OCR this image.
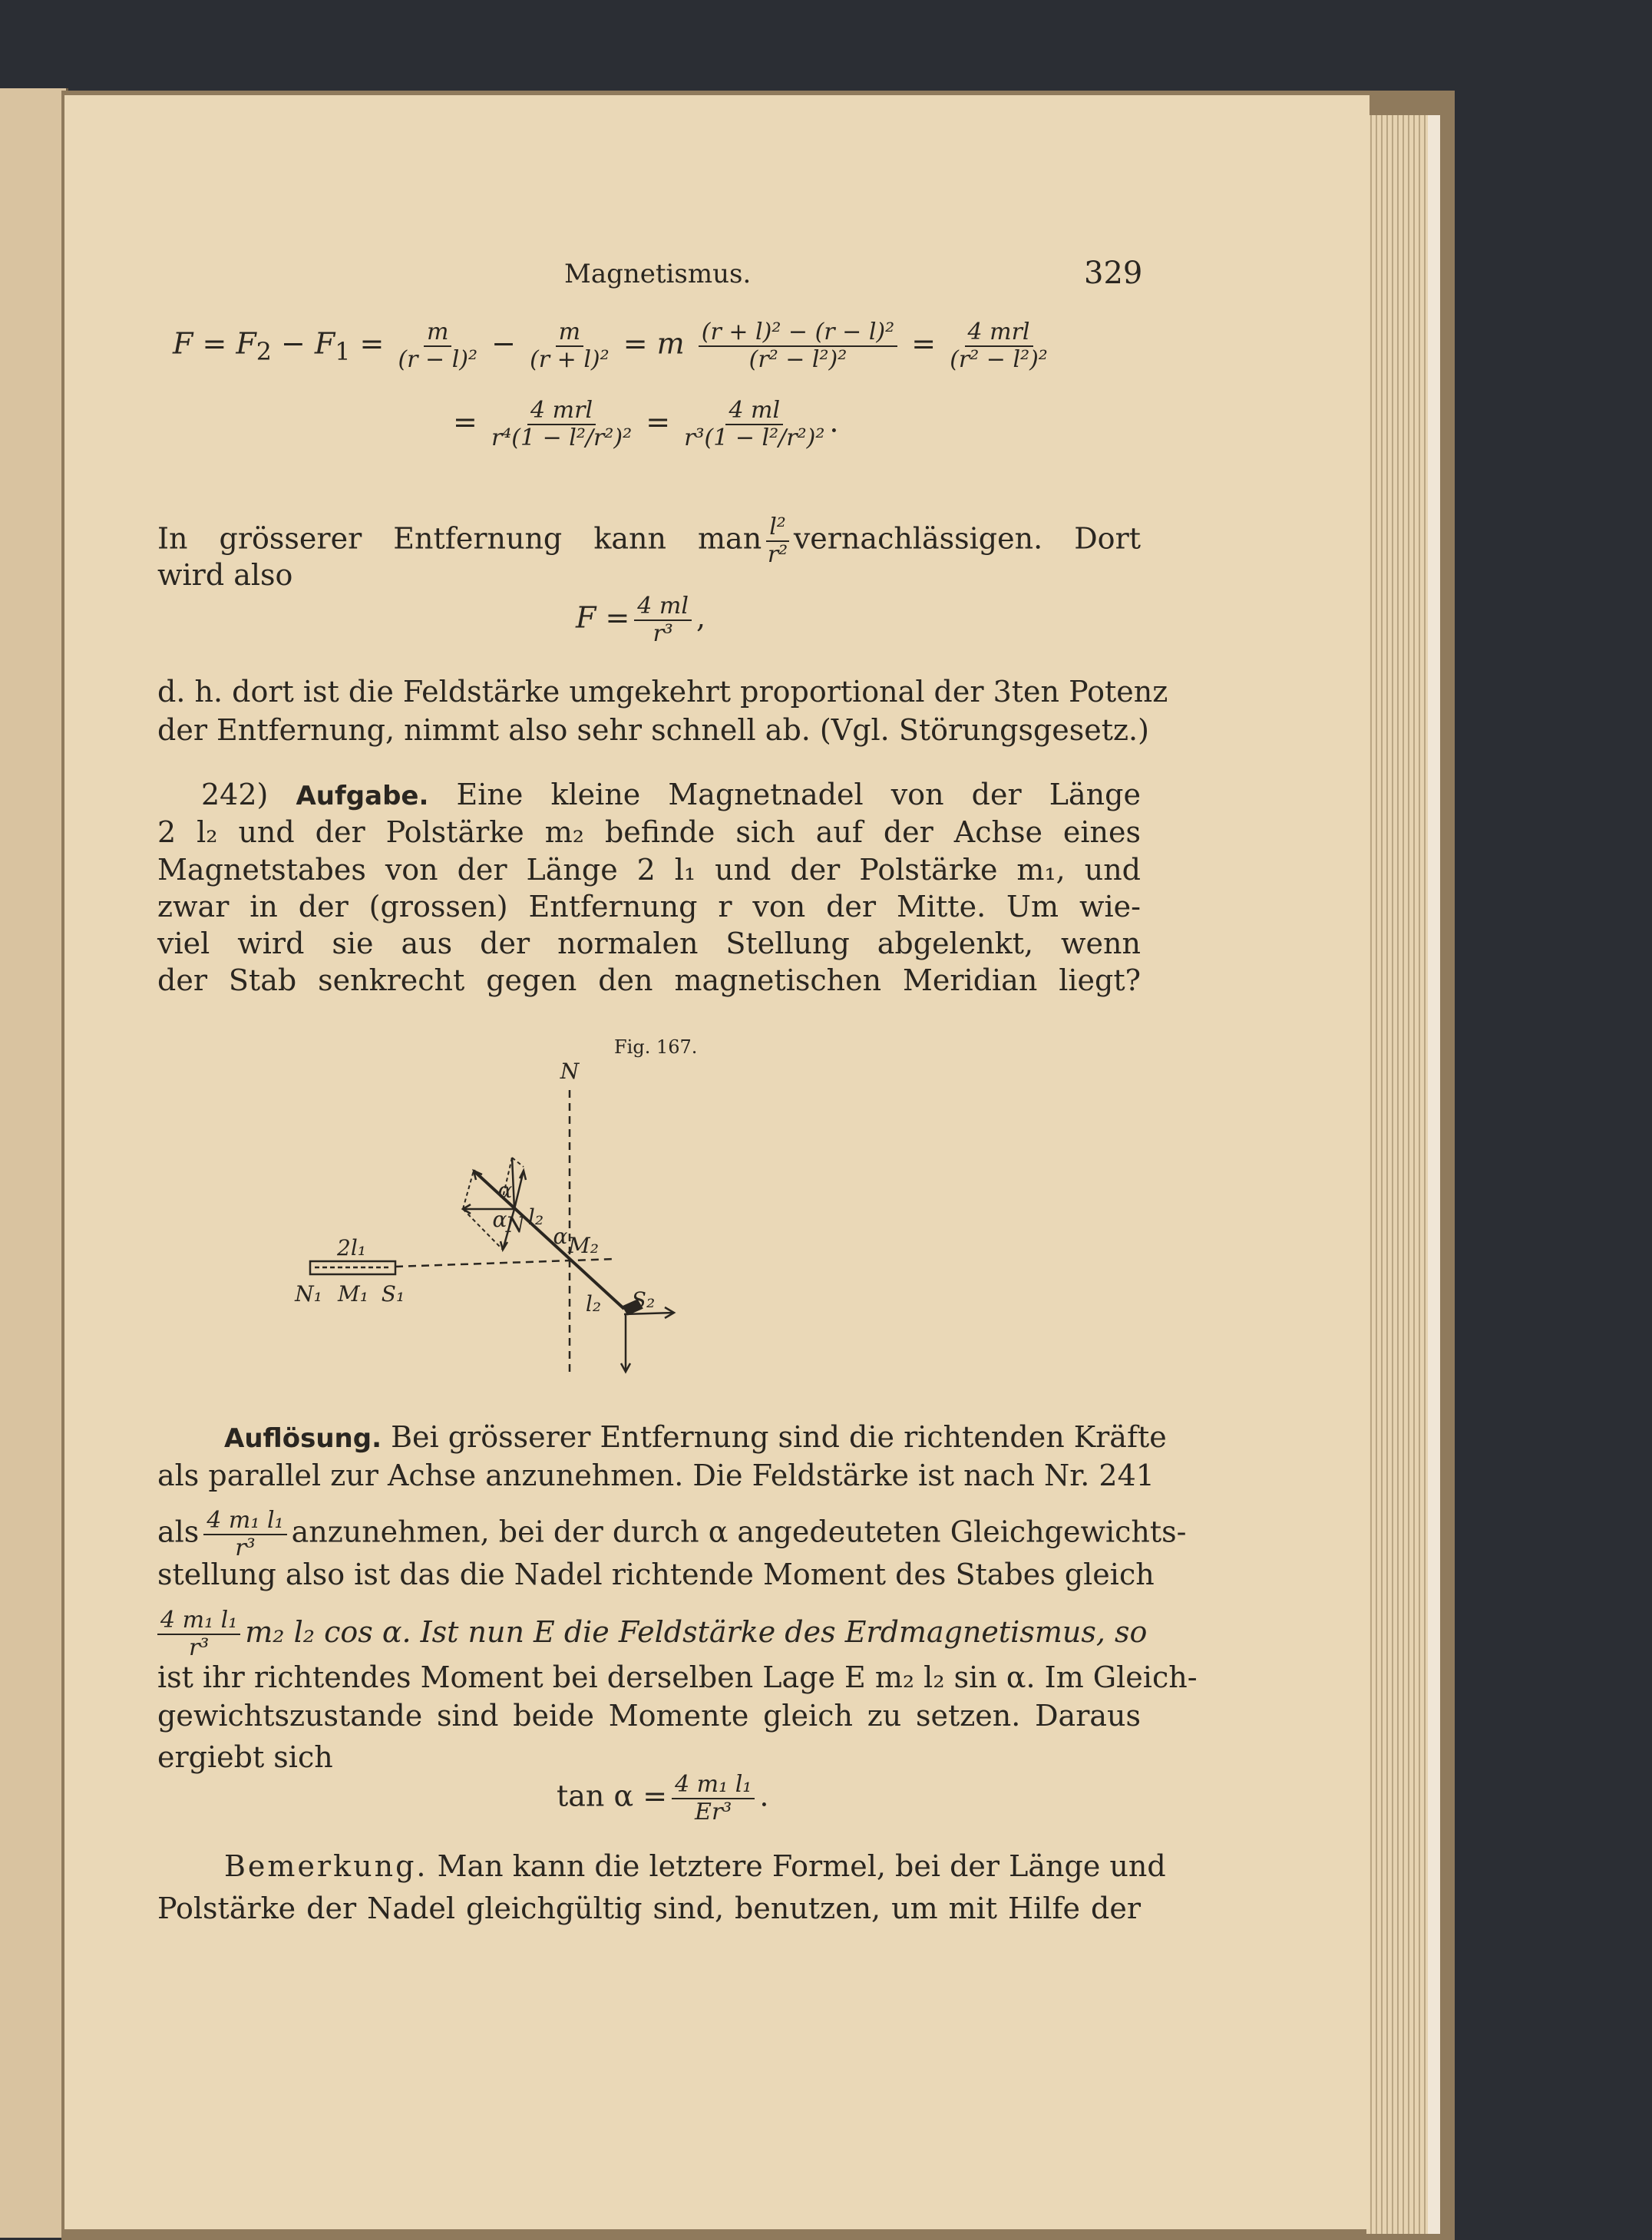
Magnetismus.	329
$F = F_2 - F_1 = \frac{m}{\text{(r − l)²}} - \frac{m}{\text{(r + l)²}} = m \frac{\text{(r + l)² − (r − l)²}}{\text{(r² − l²)²}} = \frac{\text{4 mrl}}{\text{(r² − l²)²}}$
= $\frac{\text{4 mrl}}{\text{r⁴(1 − l²/r²)²}} = \frac{4 ml}{\text{r³(1 − l²/r²)²}}$ .
In grösserer Entfernung kann man $\frac{\text{l²}}{\text{r²}}$ vernachlässigen. Dort
wird also
$F = \frac{4 ml}{\text{r³}}$ ,
d. h. dort ist die Feldstärke umgekehrt proportional der 3ten Potenz
der Entfernung, nimmt also sehr schnell ab. (Vgl. Störungsgesetz.)
242) Aufgabe. Eine kleine Magnetnadel von der Länge
2 l₂ und der Polstärke m₂ befinde sich auf der Achse eines
Magnetstabes von der Länge 2 l₁ und der Polstärke m₁, und
zwar in der (grossen) Entfernung r von der Mitte. Um wie-
viel wird sie aus der normalen Stellung abgelenkt, wenn
der Stab senkrecht gegen den magnetischen Meridian liegt?
Fig. 167.
N
2l₁
N₁ M₁ S₁
l₂
α
α
α
N
M₂
l₂ S₂
Auflösung. Bei grösserer Entfernung sind die richtenden Kräfte
als parallel zur Achse anzunehmen. Die Feldstärke ist nach Nr. 241
als $\frac{\text{4 m₁ l₁}}{\text{r³}}$ anzunehmen, bei der durch α angedeuteten Gleichgewichts-
stellung also ist das die Nadel richtende Moment des Stabes gleich
$\frac{\text{4 m₁ l₁}}{\text{r³}} m_2$ l₂ cos α. Ist nun E die Feldstärke des Erdmagnetismus, so
ist ihr richtendes Moment bei derselben Lage E m₂ l₂ sin α. Im Gleich-
gewichtszustande sind beide Momente gleich zu setzen. Daraus
ergiebt sich
$\tan \alpha = \frac{\text{4 m₁ l₁}}{\text{Er³}}$ .
Bemerkung. Man kann die letztere Formel, bei der Länge und
Polstärke der Nadel gleichgültig sind, benutzen, um mit Hilfe der
